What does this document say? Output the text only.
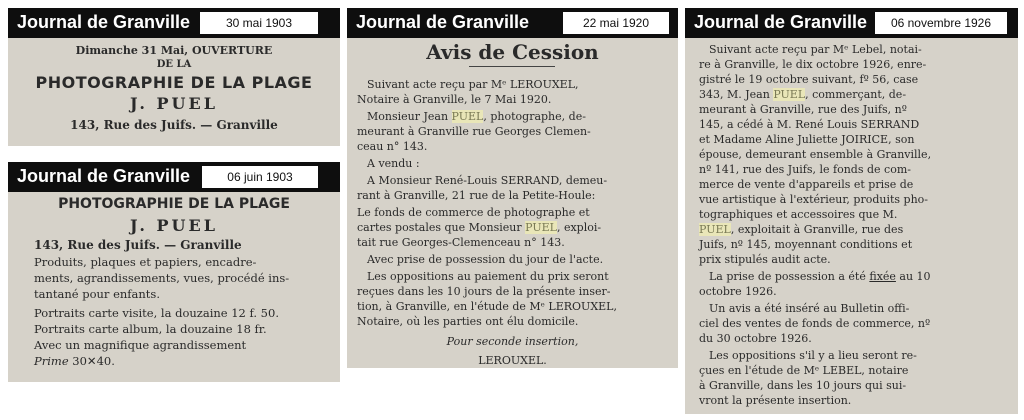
Journal de Granville	30 mai 1903
Dimanche 31 Mai, OUVERTURE
DE LA
PHOTOGRAPHIE DE LA PLAGE
J. PUEL
143, Rue des Juifs. — Granville
Journal de Granville	06 juin 1903
PHOTOGRAPHIE DE LA PLAGE
J. PUEL
143, Rue des Juifs. — Granville
Produits, plaques et papiers, encadre-
ments, agrandissements, vues, procédé ins-
tantané pour enfants.
Portraits carte visite, la douzaine 12 f. 50.
Portraits carte album, la douzaine 18 fr.
Avec un magnifique agrandissement
Prime 30✕40.
Journal de Granville	22 mai 1920
Avis de Cession
Suivant acte reçu par Mᵉ LEROUXEL,
Notaire à Granville, le 7 Mai 1920.
Monsieur Jean PUEL, photographe, de-
meurant à Granville rue Georges Clemen-
ceau n° 143.
A vendu :
A Monsieur René-Louis SERRAND, demeu-
rant à Granville, 21 rue de la Petite-Houle:
Le fonds de commerce de photographe et
cartes postales que Monsieur PUEL, exploi-
tait rue Georges-Clemenceau n° 143.
Avec prise de possession du jour de l'acte.
Les oppositions au paiement du prix seront
reçues dans les 10 jours de la présente inser-
tion, à Granville, en l'étude de Mᵉ LEROUXEL,
Notaire, où les parties ont élu domicile.
Pour seconde insertion,
LEROUXEL.
Journal de Granville	06 novembre 1926
Suivant acte reçu par Mᵉ Lebel, notai-
re à Granville, le dix octobre 1926, enre-
gistré le 19 octobre suivant, fº 56, case
343, M. Jean PUEL, commerçant, de-
meurant à Granville, rue des Juifs, nº
145, a cédé à M. René Louis SERRAND
et Madame Aline Juliette JOIRICE, son
épouse, demeurant ensemble à Granville,
nº 141, rue des Juifs, le fonds de com-
merce de vente d'appareils et prise de
vue artistique à l'extérieur, produits pho-
tographiques et accessoires que M.
PUEL, exploitait à Granville, rue des
Juifs, nº 145, moyennant conditions et
prix stipulés audit acte.
La prise de possession a été fixée au 10
octobre 1926.
Un avis a été inséré au Bulletin offi-
ciel des ventes de fonds de commerce, nº
du 30 octobre 1926.
Les oppositions s'il y a lieu seront re-
çues en l'étude de Mᵉ LEBEL, notaire
à Granville, dans les 10 jours qui sui-
vront la présente insertion.
